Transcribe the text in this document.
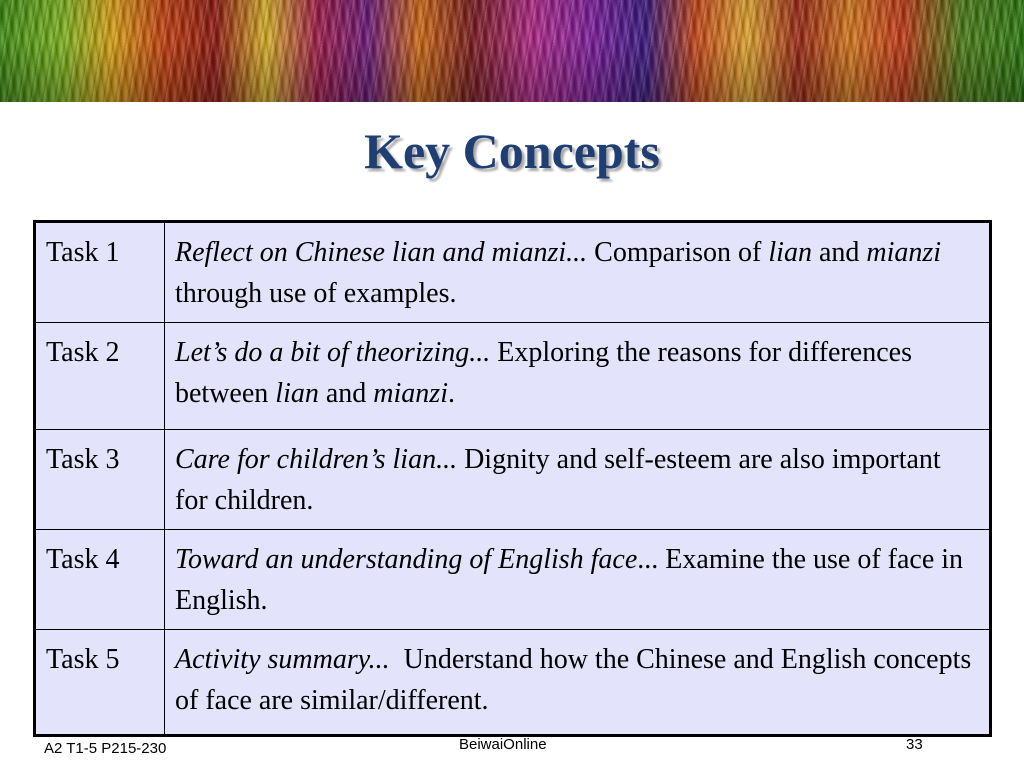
Key Concepts
Task 1	Reflect on Chinese lian and mianzi... Comparison of lian and mianzi through use of examples.
Task 2	Let’s do a bit of theorizing... Exploring the reasons for differences between lian and mianzi.
Task 3	Care for children’s lian... Dignity and self-esteem are also important for children.
Task 4	Toward an understanding of English face... Examine the use of face in English.
Task 5	Activity summary...  Understand how the Chinese and English concepts of face are similar/different.
A2 T1-5 P215-230	BeiwaiOnline	33
